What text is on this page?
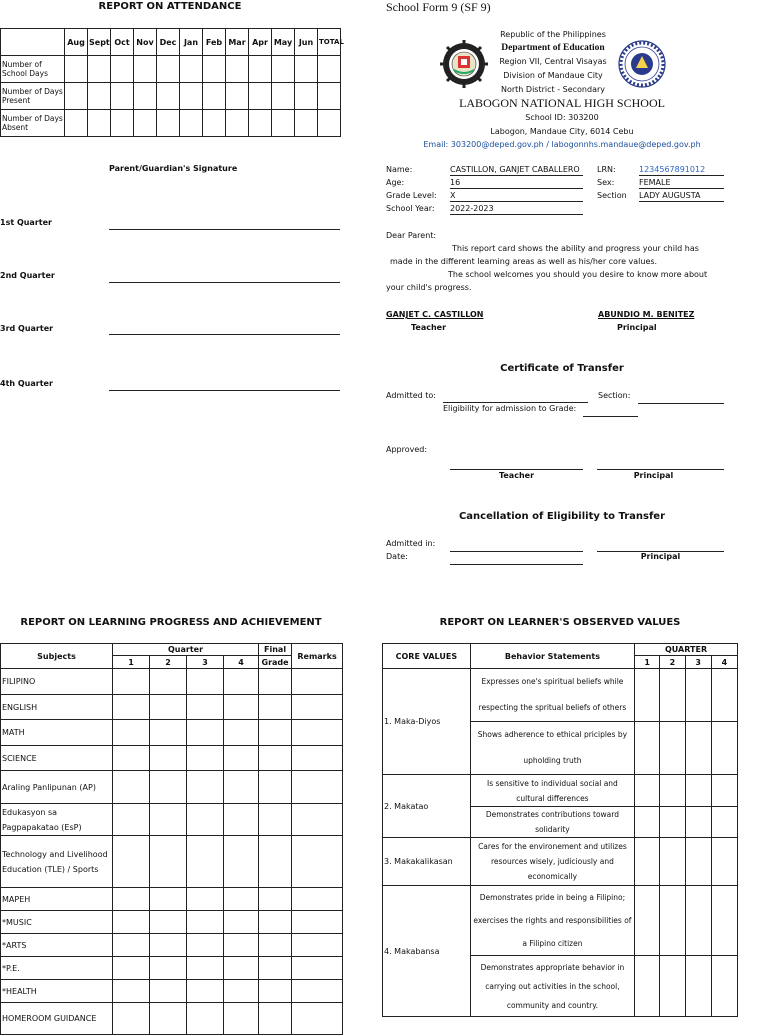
REPORT ON ATTENDANCE
	Aug	Sept	Oct	Nov	Dec	Jan	Feb	Mar	Apr	May	Jun	TOTAL
Number of School Days												
Number of Days Present												
Number of Days Absent												
Parent/Guardian's Signature
1st Quarter
2nd Quarter
3rd Quarter
4th Quarter
School Form 9 (SF 9)
Republic of the Philippines
Department of Education
Region VII, Central Visayas
Division of Mandaue City
North District - Secondary
LABOGON NATIONAL HIGH SCHOOL
School ID: 303200
Labogon, Mandaue City, 6014 Cebu
Email: 303200@deped.gov.ph / labogonnhs.mandaue@deped.gov.ph
Name:	CASTILLON, GANJET CABALLERO	LRN:	1234567891012
Age:	16	Sex:	FEMALE
Grade Level: X	Section LADY AUGUSTA
School Year: 2022-2023
Dear Parent:
This report card shows the ability and progress your child has
made in the different learning areas as well as his/her core values.
The school welcomes you should you desire to know more about
your child's progress.
GANJET C. CASTILLON
Teacher
ABUNDIO M. BENITEZ
Principal
Certificate of Transfer
Admitted to:	Section:
Eligibility for admission to Grade:
Approved:
Teacher	Principal
Cancellation of Eligibility to Transfer
Admitted in:
Date:	Principal
REPORT ON LEARNING PROGRESS AND ACHIEVEMENT
Subjects	Quarter				Final	Remarks
	1	2	3	4	Grade	
FILIPINO						
ENGLISH						
MATH						
SCIENCE						
Araling Panlipunan (AP)						
Edukasyon sa Pagpapakatao (EsP)						
Technology and Livelihood Education (TLE) / Sports						
MAPEH						
*MUSIC						
*ARTS						
*P.E.						
*HEALTH						
HOMEROOM GUIDANCE						
REPORT ON LEARNER'S OBSERVED VALUES
CORE VALUES	Behavior Statements	QUARTER			
		1	2	3	4
1. Maka-Diyos	Expresses one's spiritual beliefs while respecting the spritual beliefs of others				
	Shows adherence to ethical priciples by upholding truth				
2. Makatao	Is sensitive to individual social and cultural differences				
	Demonstrates contributions toward solidarity				
3. Makakalikasan	Cares for the environement and utilizes resources wisely, judiciously and economically				
4. Makabansa	Demonstrates pride in being a Filipino; exercises the rights and responsibilities of a Filipino citizen				
	Demonstrates appropriate behavior in carrying out activities in the school, community and country.				
